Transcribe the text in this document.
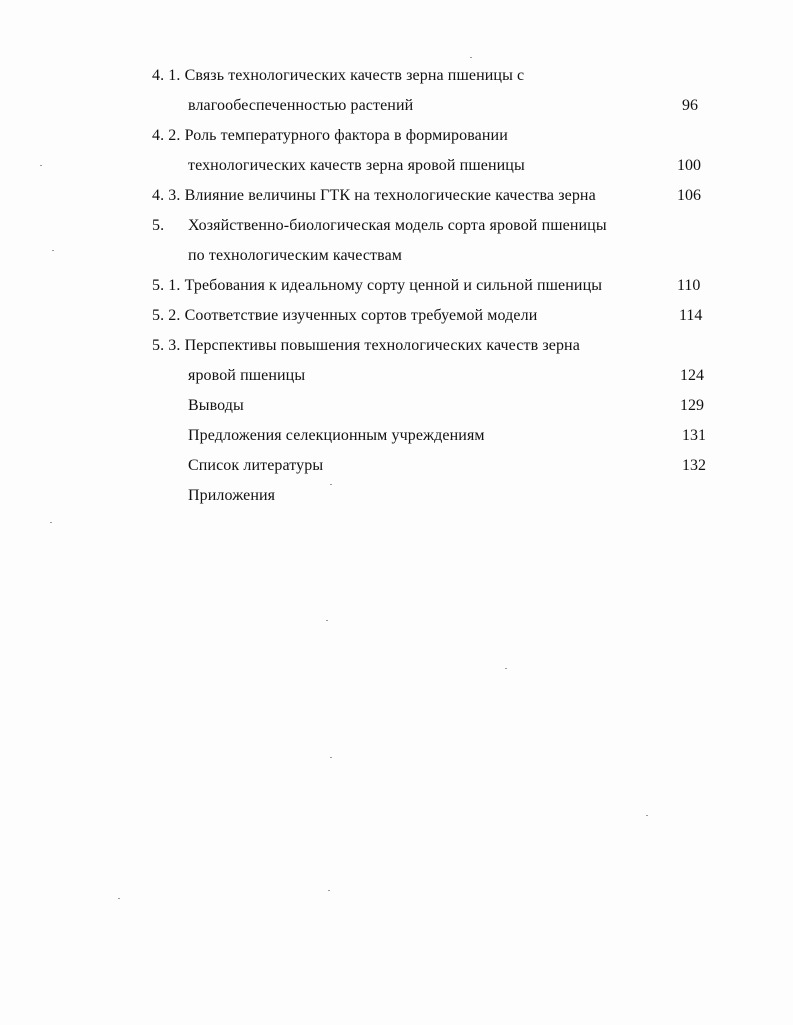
4. 1. Связь технологических качеств зерна пшеницы с
влагообеспеченностью растений	96
4. 2. Роль температурного фактора в формировании
технологических качеств зерна яровой пшеницы	100
4. 3. Влияние величины ГТК на технологические качества зерна	106
5. Хозяйственно-биологическая модель сорта яровой пшеницы
по технологическим качествам
5. 1. Требования к идеальному сорту ценной и сильной пшеницы	110
5. 2. Соответствие изученных сортов требуемой модели	114
5. 3. Перспективы повышения технологических качеств зерна
яровой пшеницы	124
Выводы	129
Предложения селекционным учреждениям	131
Список литературы	132
Приложения
